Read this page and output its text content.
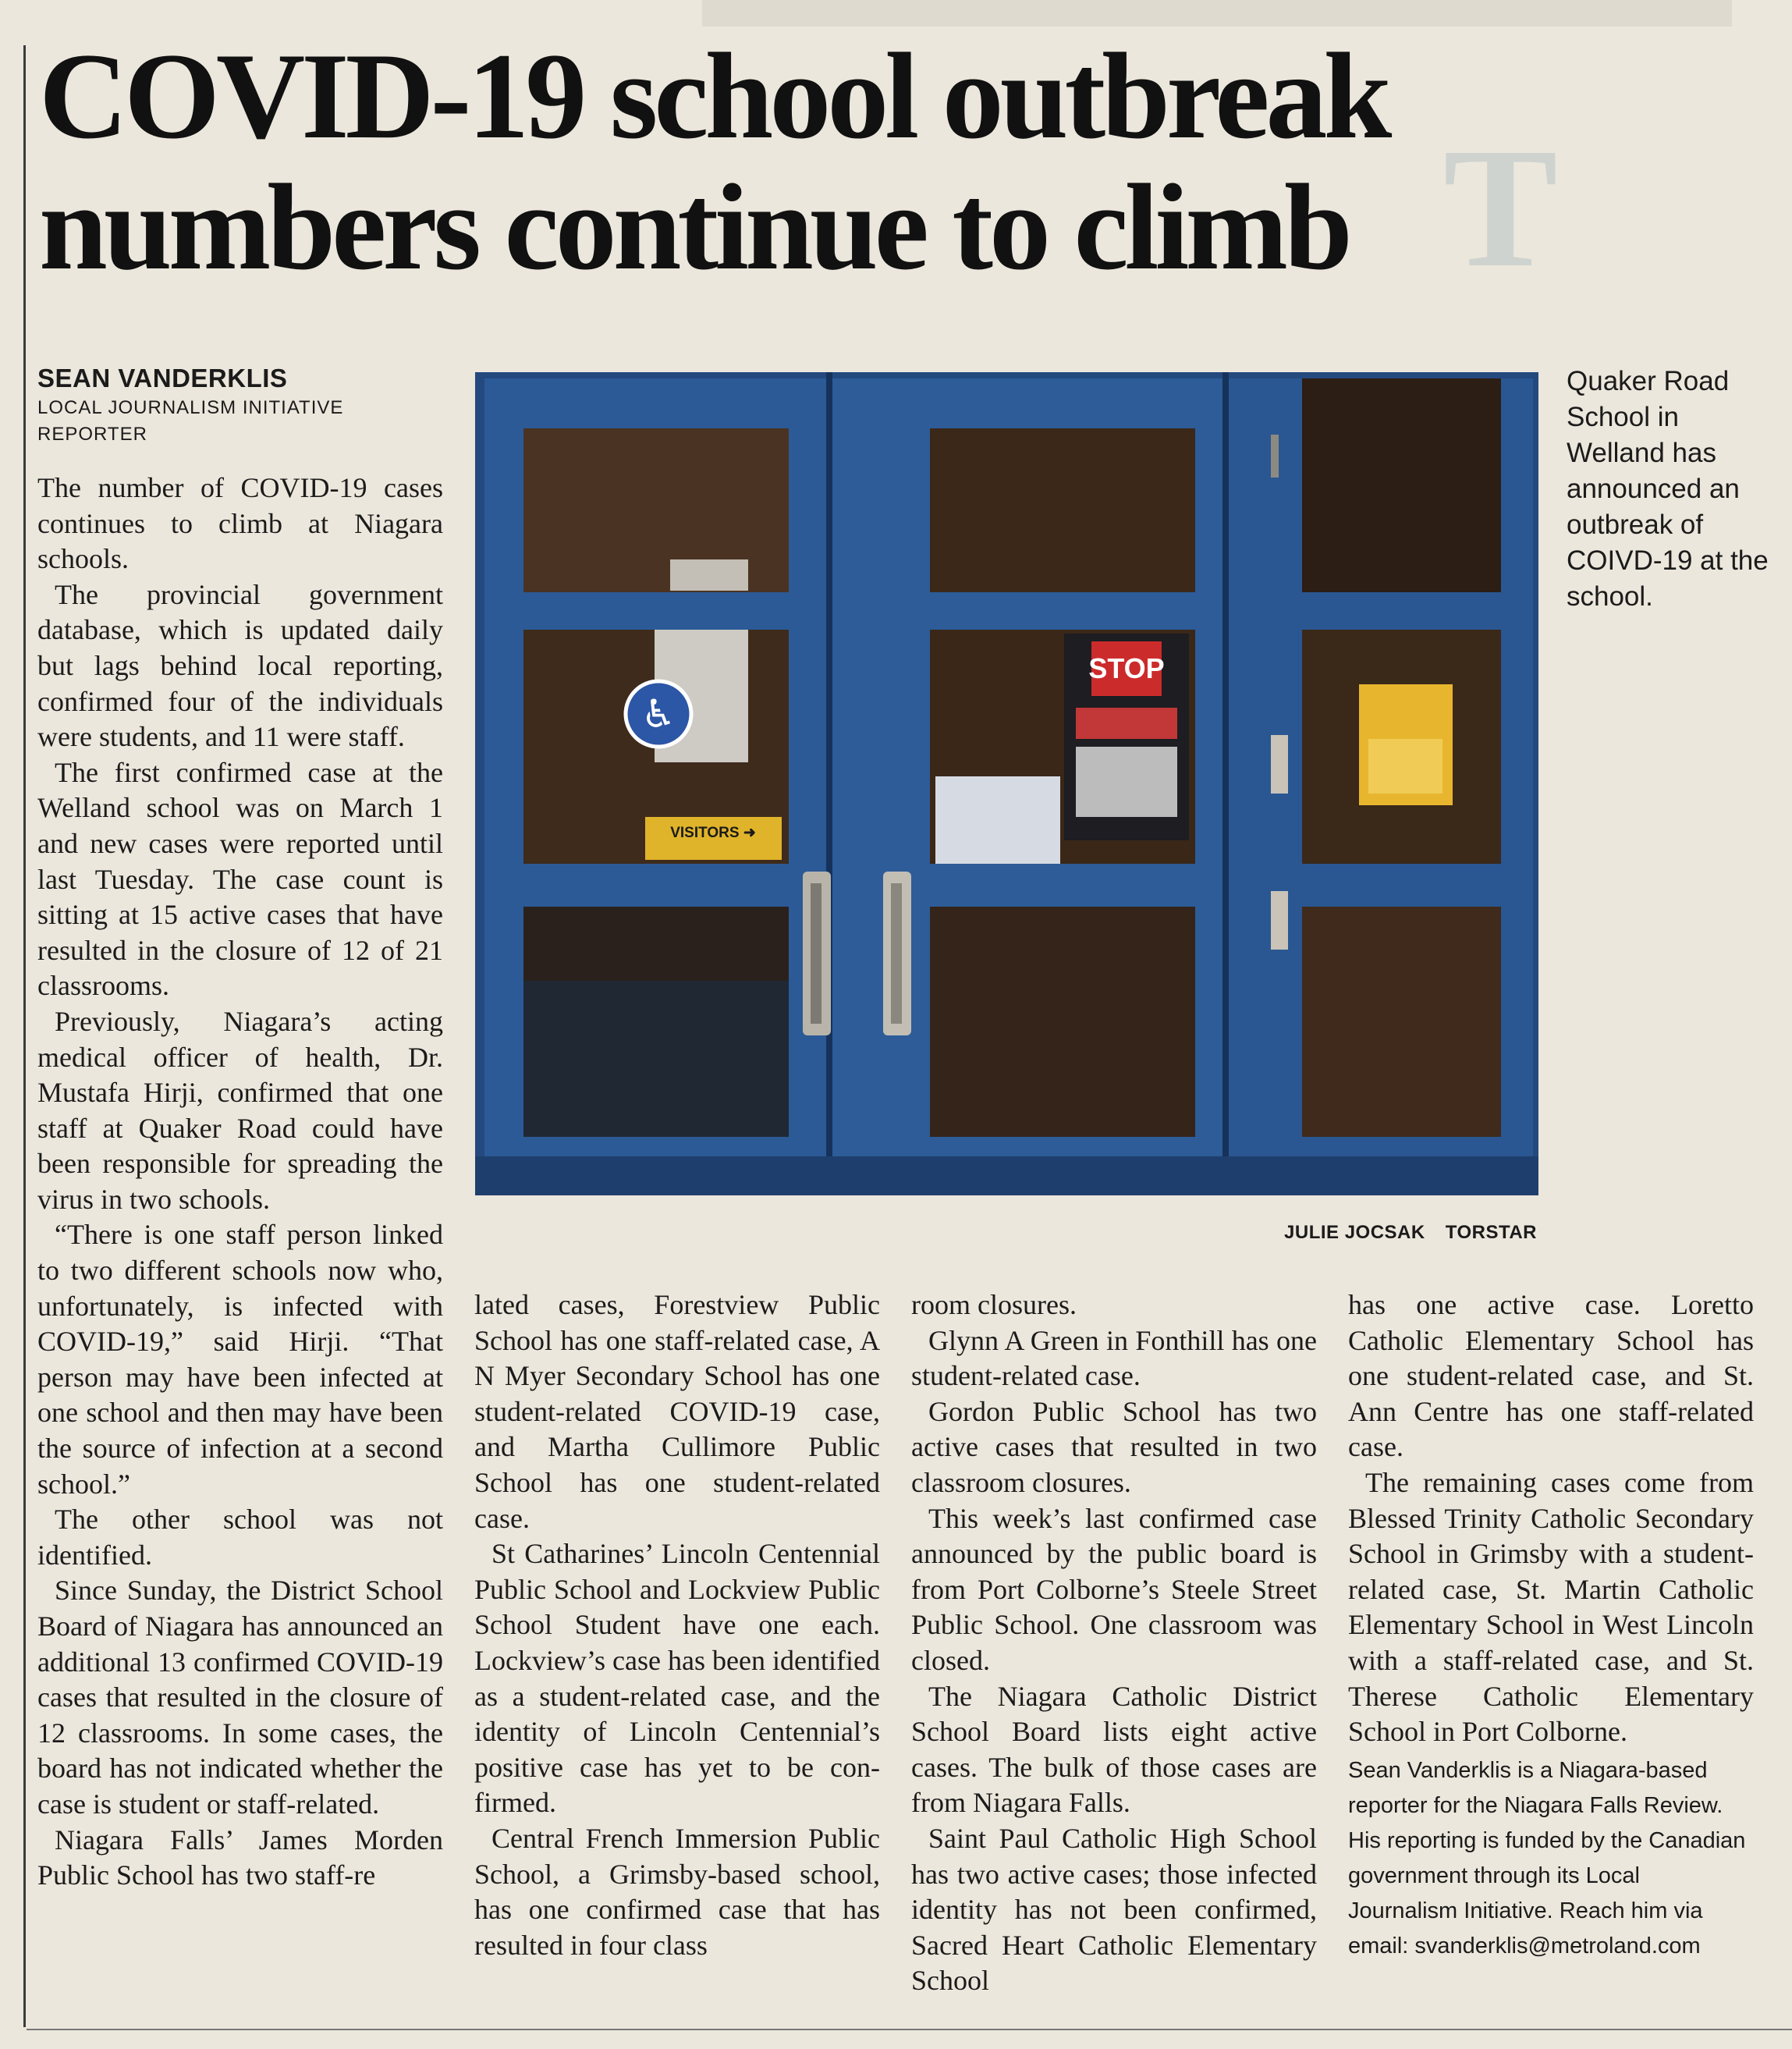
T
COVID-19 school outbreak
numbers continue to climb
SEAN VANDERKLIS
LOCAL JOURNALISM INITIATIVE REPORTER
♿
VISITORS ➜
STOP

Quaker Road School in Welland has announced an outbreak of COIVD-19 at the school.

JULIE JOCSAK TORSTAR

The number of COVID-19 cases continues to climb at Niagara schools.

The provincial government database, which is updated daily but lags behind local reporting, confirmed four of the individuals were students, and 11 were staff.

The first confirmed case at the Welland school was on March 1 and new cases were reported until last Tuesday. The case count is sitting at 15 active cases that have resulted in the closure of 12 of 21 classrooms.

Previously, Niagara’s acting medical officer of health, Dr. Mustafa Hirji, confirmed that one staff at Quaker Road could have been responsible for spreading the virus in two schools.

“There is one staff person linked to two different schools now who, unfortunately, is infected with COVID-19,” said Hirji. “That person may have been infected at one school and then may have been the source of infection at a second school.”

The other school was not identified.

Since Sunday, the District School Board of Niagara has announced an additional 13 confirmed COVID-19 cases that resulted in the closure of 12 classrooms. In some cases, the board has not indicated whether the case is student or staff-related.

Niagara Falls’ James Morden Public School has two staff-re

lated cases, Forestview Public School has one staff-related case, A N Myer Secondary School has one student-related COVID-19 case, and Martha Cullimore Public School has one student-related case.

St Catharines’ Lincoln Centennial Public School and Lockview Public School Student have one each. Lockview’s case has been identified as a student-related case, and the identity of Lincoln Centennial’s positive case has yet to be confirmed.

Central French Immersion Public School, a Grimsby-based school, has one confirmed case that has resulted in four class

room closures.

Glynn A Green in Fonthill has one student-related case.

Gordon Public School has two active cases that resulted in two classroom closures.

This week’s last confirmed case announced by the public board is from Port Colborne’s Steele Street Public School. One classroom was closed.

The Niagara Catholic District School Board lists eight active cases. The bulk of those cases are from Niagara Falls.

Saint Paul Catholic High School has two active cases; those infected identity has not been confirmed, Sacred Heart Catholic Elementary School

has one active case. Loretto Catholic Elementary School has one student-related case, and St. Ann Centre has one staff-related case.

The remaining cases come from Blessed Trinity Catholic Secondary School in Grimsby with a student-related case, St. Martin Catholic Elementary School in West Lincoln with a staff-related case, and St. Therese Catholic Elementary School in Port Colborne.

Sean Vanderklis is a Niagara-based reporter for the Niagara Falls Review. His reporting is funded by the Canadian government through its Local Journalism Initiative. Reach him via email: svanderklis@metroland.com
